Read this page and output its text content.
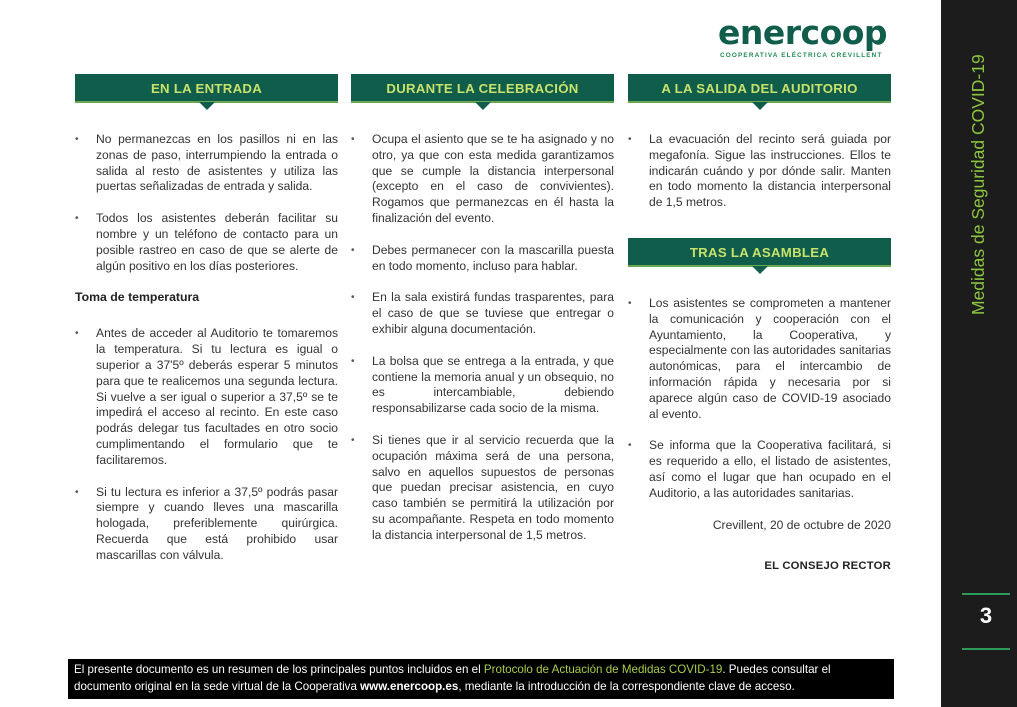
enercoop
COOPERATIVA ELÉCTRICA CREVILLENT	Medidas de Seguridad COVID-19
3
EN LA ENTRADA
• No permanezcas en los pasillos ni en las zonas de paso, interrumpiendo la entrada o salida al resto de asistentes y utiliza las puertas señalizadas de entrada y salida.
• Todos los asistentes deberán facilitar su nombre y un teléfono de contacto para un posible rastreo en caso de que se alerte de algún positivo en los días posteriores.
Toma de temperatura
• Antes de acceder al Auditorio te tomaremos la temperatura. Si tu lectura es igual o superior a 37'5º deberás esperar 5 minutos para que te realicemos una segunda lectura. Si vuelve a ser igual o superior a 37,5º se te impedirá el acceso al recinto. En este caso podrás delegar tus facultades en otro socio cumplimentando el formulario que te facilitaremos.
• Si tu lectura es inferior a 37,5º podrás pasar siempre y cuando lleves una mascarilla hologada, preferiblemente quirúrgica. Recuerda que está prohibido usar mascarillas con válvula.
DURANTE LA CELEBRACIÓN
• Ocupa el asiento que se te ha asignado y no otro, ya que con esta medida garantizamos que se cumple la distancia interpersonal (excepto en el caso de convivientes). Rogamos que permanezcas en él hasta la finalización del evento.
• Debes permanecer con la mascarilla puesta en todo momento, incluso para hablar.
• En la sala existirá fundas trasparentes, para el caso de que se tuviese que entregar o exhibir alguna documentación.
• La bolsa que se entrega a la entrada, y que contiene la memoria anual y un obsequio, no es intercambiable, debiendo responsabilizarse cada socio de la misma.
• Si tienes que ir al servicio recuerda que la ocupación máxima será de una persona, salvo en aquellos supuestos de personas que puedan precisar asistencia, en cuyo caso también se permitirá la utilización por su acompañante. Respeta en todo momento la distancia interpersonal de 1,5 metros.
A LA SALIDA DEL AUDITORIO
• La evacuación del recinto será guiada por megafonía. Sigue las instrucciones. Ellos te indicarán cuándo y por dónde salir. Manten en todo momento la distancia interpersonal de 1,5 metros.
TRAS LA ASAMBLEA
• Los asistentes se comprometen a mantener la comunicación y cooperación con el Ayuntamiento, la Cooperativa, y especialmente con las autoridades sanitarias autonómicas, para el intercambio de información rápida y necesaria por si aparece algún caso de COVID-19 asociado al evento.
• Se informa que la Cooperativa facilitará, si es requerido a ello, el listado de asistentes, así como el lugar que han ocupado en el Auditorio, a las autoridades sanitarias.
Crevillent, 20 de octubre de 2020
EL CONSEJO RECTOR
El presente documento es un resumen de los principales puntos incluidos en el Protocolo de Actuación de Medidas COVID-19. Puedes consultar el documento original en la sede virtual de la Cooperativa www.enercoop.es, mediante la introducción de la correspondiente clave de acceso.
